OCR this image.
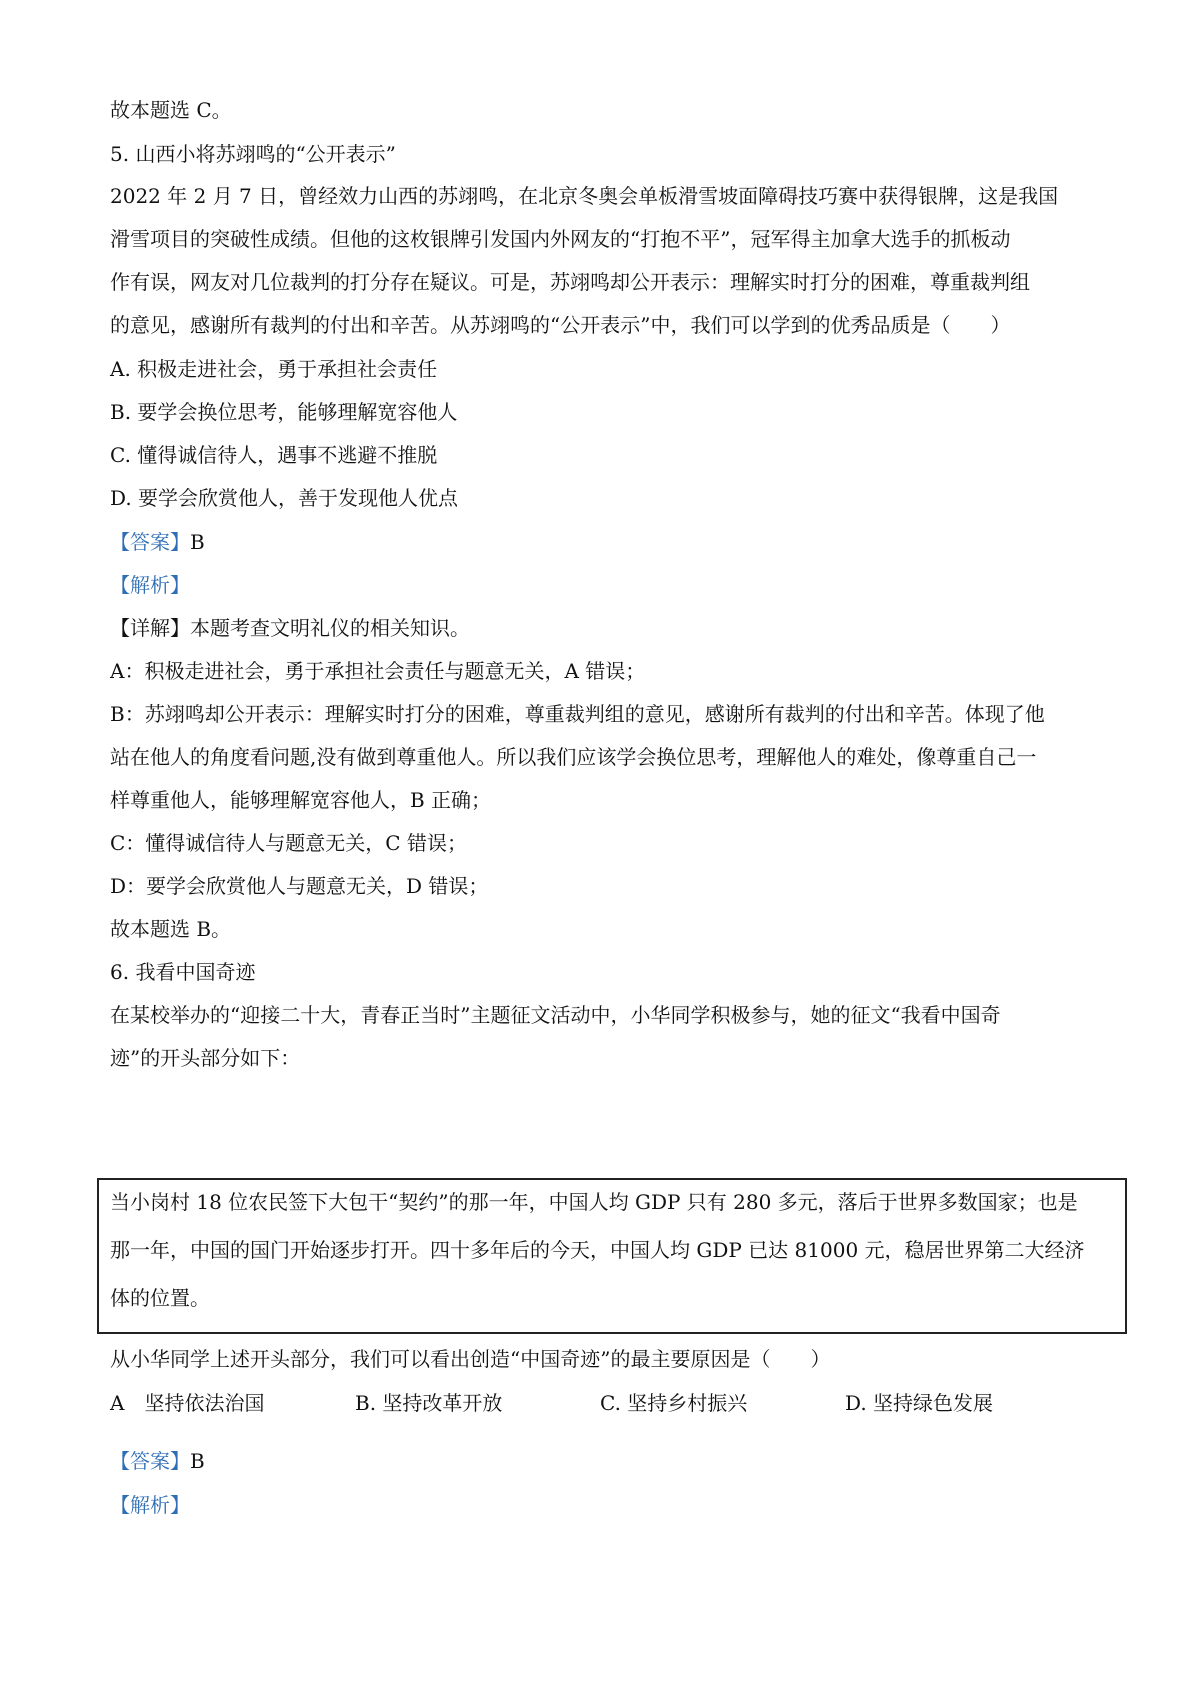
故本题选 C。
5. 山西小将苏翊鸣的“公开表示”
2022 年 2 月 7 日，曾经效力山西的苏翊鸣，在北京冬奥会单板滑雪坡面障碍技巧赛中获得银牌，这是我国
滑雪项目的突破性成绩。但他的这枚银牌引发国内外网友的“打抱不平”，冠军得主加拿大选手的抓板动
作有误，网友对几位裁判的打分存在疑议。可是，苏翊鸣却公开表示：理解实时打分的困难，尊重裁判组
的意见，感谢所有裁判的付出和辛苦。从苏翊鸣的“公开表示”中，我们可以学到的优秀品质是（　　）
A. 积极走进社会，勇于承担社会责任
B. 要学会换位思考，能够理解宽容他人
C. 懂得诚信待人，遇事不逃避不推脱
D. 要学会欣赏他人，善于发现他人优点
【答案】B
【解析】
【详解】本题考查文明礼仪的相关知识。
A：积极走进社会，勇于承担社会责任与题意无关，A 错误；
B：苏翊鸣却公开表示：理解实时打分的困难，尊重裁判组的意见，感谢所有裁判的付出和辛苦。体现了他
站在他人的角度看问题,没有做到尊重他人。所以我们应该学会换位思考，理解他人的难处，像尊重自己一
样尊重他人，能够理解宽容他人，B 正确；
C：懂得诚信待人与题意无关，C 错误；
D：要学会欣赏他人与题意无关，D 错误；
故本题选 B。
6. 我看中国奇迹
在某校举办的“迎接二十大，青春正当时”主题征文活动中，小华同学积极参与，她的征文“我看中国奇
迹”的开头部分如下：
当小岗村 18 位农民签下大包干“契约”的那一年，中国人均 GDP 只有 280 多元，落后于世界多数国家；也是
那一年，中国的国门开始逐步打开。四十多年后的今天，中国人均 GDP 已达 81000 元，稳居世界第二大经济
体的位置。
从小华同学上述开头部分，我们可以看出创造“中国奇迹”的最主要原因是（　　）
A　坚持依法治国	B. 坚持改革开放	C. 坚持乡村振兴	D. 坚持绿色发展
【答案】B
【解析】
